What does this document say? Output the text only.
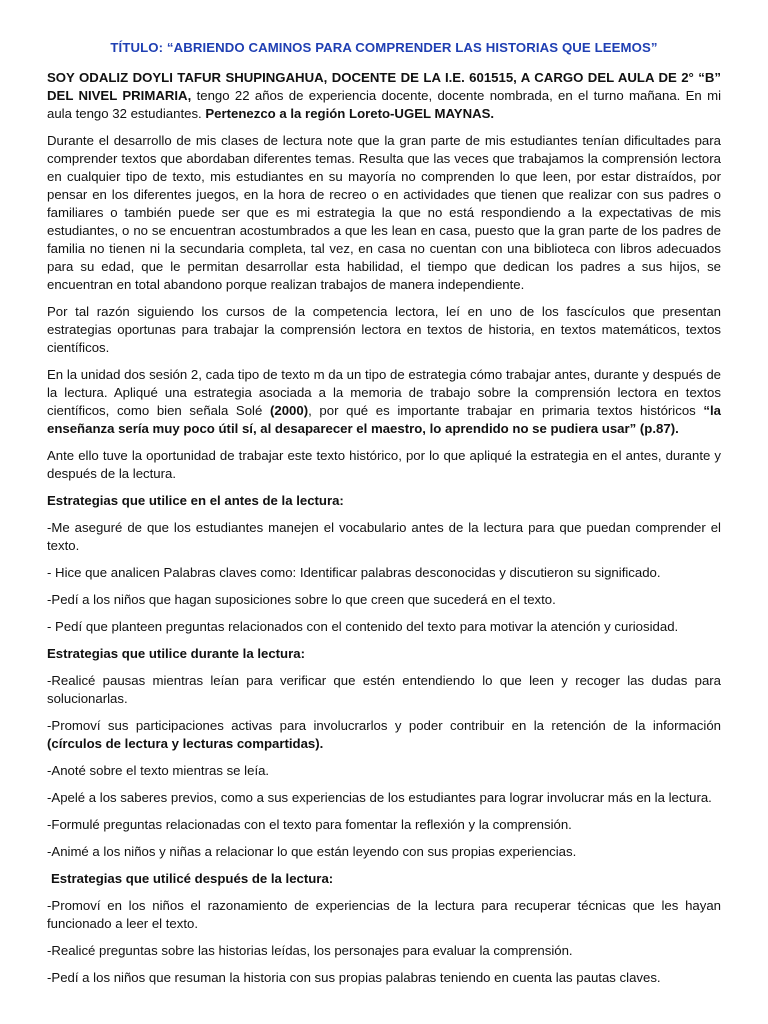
TÍTULO: “ABRIENDO CAMINOS PARA COMPRENDER LAS HISTORIAS QUE LEEMOS”

SOY ODALIZ DOYLI TAFUR SHUPINGAHUA, DOCENTE DE LA I.E. 601515, A CARGO DEL AULA DE 2° “B” DEL NIVEL PRIMARIA, tengo 22 años de experiencia docente, docente nombrada, en el turno mañana. En mi aula tengo 32 estudiantes. Pertenezco a la región Loreto-UGEL MAYNAS.

Durante el desarrollo de mis clases de lectura note que la gran parte de mis estudiantes tenían dificultades para comprender textos que abordaban diferentes temas. Resulta que las veces que trabajamos la comprensión lectora en cualquier tipo de texto, mis estudiantes en su mayoría no comprenden lo que leen, por estar distraídos, por pensar en los diferentes juegos, en la hora de recreo o en actividades que tienen que realizar con sus padres o familiares o también puede ser que es mi estrategia la que no está respondiendo a la expectativas de mis estudiantes, o no se encuentran acostumbrados a que les lean en casa, puesto que la gran parte de los padres de familia no tienen ni la secundaria completa, tal vez, en casa no cuentan con una biblioteca con libros adecuados para su edad, que le permitan desarrollar esta habilidad, el tiempo que dedican los padres a sus hijos, se encuentran en total abandono porque realizan trabajos de manera independiente.

Por tal razón siguiendo los cursos de la competencia lectora, leí en uno de los fascículos que presentan estrategias oportunas para trabajar la comprensión lectora en textos de historia, en textos matemáticos, textos científicos.

En la unidad dos sesión 2, cada tipo de texto m da un tipo de estrategia cómo trabajar antes, durante y después de la lectura. Apliqué una estrategia asociada a la memoria de trabajo sobre la comprensión lectora en textos científicos, como bien señala Solé (2000), por qué es importante trabajar en primaria textos históricos “la enseñanza sería muy poco útil sí, al desaparecer el maestro, lo aprendido no se pudiera usar” (p.87).

Ante ello tuve la oportunidad de trabajar este texto histórico, por lo que apliqué la estrategia en el antes, durante y después de la lectura.

Estrategias que utilice en el antes de la lectura:

-Me aseguré de que los estudiantes manejen el vocabulario antes de la lectura para que puedan comprender el texto.

- Hice que analicen Palabras claves como: Identificar palabras desconocidas y discutieron su significado.

-Pedí a los niños que hagan suposiciones sobre lo que creen que sucederá en el texto.

- Pedí que planteen preguntas relacionados con el contenido del texto para motivar la atención y curiosidad.

Estrategias que utilice durante la lectura:

-Realicé pausas mientras leían para verificar que estén entendiendo lo que leen y recoger las dudas para solucionarlas.

-Promoví sus participaciones activas para involucrarlos y poder contribuir en la retención de la información (círculos de lectura y lecturas compartidas).

-Anoté sobre el texto mientras se leía.

-Apelé a los saberes previos, como a sus experiencias de los estudiantes para lograr involucrar más en la lectura.

-Formulé preguntas relacionadas con el texto para fomentar la reflexión y la comprensión.

-Animé a los niños y niñas a relacionar lo que están leyendo con sus propias experiencias.

Estrategias que utilicé después de la lectura:

-Promoví en los niños el razonamiento de experiencias de la lectura para recuperar técnicas que les hayan funcionado a leer el texto.

-Realicé preguntas sobre las historias leídas, los personajes para evaluar la comprensión.

-Pedí a los niños que resuman la historia con sus propias palabras teniendo en cuenta las pautas claves.
